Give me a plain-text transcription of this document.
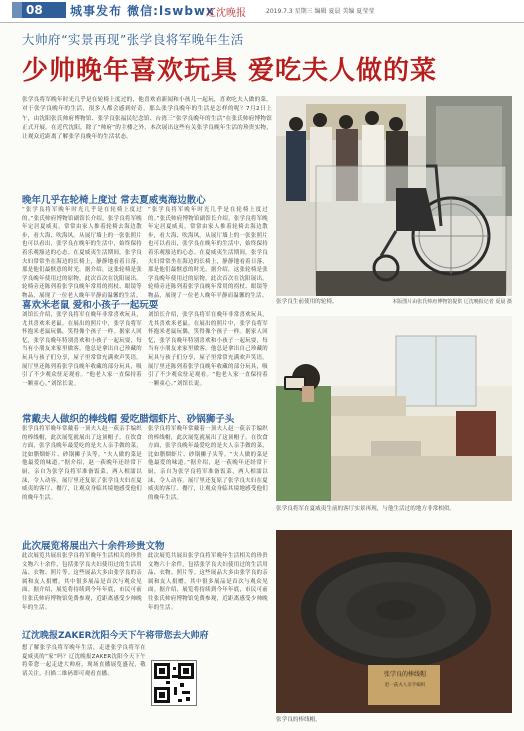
08	城事发布 微信:lswbwx
辽沈晚报	2019.7.3 星期三 编辑 夏晨 美编 夏莹莹
大帅府“实景再现”张学良将军晚年生活
少帅晚年喜欢玩具 爱吃夫人做的菜
张学良将军晚年时光几乎是在轮椅上度过的，他喜欢看新闻和小孩儿一起玩，喜欢吃夫人做的菜。对于张学良晚年的生活，很多人都会感到好奇，那么张学良晚年的生活是怎样的呢？7月2日上午，由沈阳张氏帅府博物馆、张学良张福民纪念馆、台湾三“张学良晚年的生活”在张氏帅府博物馆正式开展。在近代沈阳，除了“帅府”的主楼之外，本次展出这些有关张学良晚年生活的珍贵实物，让观众近距离了解张学良晚年的生活状态。
晚年几乎在轮椅上度过 常去夏威夷海边散心
“张学良将军晚年时光几乎是在轮椅上度过的。”张氏帅府博物馆副馆长介绍，张学良将军晚年定居夏威夷，常常由家人推着轮椅去海边散步，看大海、吹海风。从展厅墙上的一张张照片也可以看出，张学良在晚年的生活中，始终保持着乐观豁达的心态。在夏威夷生活期间，张学良夫妇常常坐在海边的长椅上，静静地看着日落，那是他们最惬意的时光。据介绍，这张轮椅是张学良晚年使用过的原物，此次首次在沈阳展出。轮椅旁还陈列着张学良晚年常用的拐杖、眼镜等物品，展现了一位老人晚年平静而温馨的生活。
“张学良将军晚年时光几乎是在轮椅上度过的。”张氏帅府博物馆副馆长介绍，张学良将军晚年定居夏威夷，常常由家人推着轮椅去海边散步，看大海、吹海风。从展厅墙上的一张张照片也可以看出，张学良在晚年的生活中，始终保持着乐观豁达的心态。在夏威夷生活期间，张学良夫妇常常坐在海边的长椅上，静静地看着日落，那是他们最惬意的时光。据介绍，这张轮椅是张学良晚年使用过的原物，此次首次在沈阳展出。轮椅旁还陈列着张学良晚年常用的拐杖、眼镜等物品，展现了一位老人晚年平静而温馨的生活。
喜欢米老鼠 爱和小孩子一起玩耍
刘馆长介绍，张学良将军在晚年非常喜欢玩具，尤其喜欢米老鼠。在展出的照片中，张学良将军怀抱米老鼠玩偶，笑得像个孩子一样。据家人回忆，张学良晚年特别喜欢和小孩子一起玩耍，每当有小朋友来家里做客，他总是拿出自己珍藏的玩具与孩子们分享，屋子里常常充满欢声笑语。展厅里还陈列着张学良晚年收藏的部分玩具，吸引了不少观众驻足观看。“他老人家一直保持着一颗童心。”刘馆长说。
刘馆长介绍，张学良将军在晚年非常喜欢玩具，尤其喜欢米老鼠。在展出的照片中，张学良将军怀抱米老鼠玩偶，笑得像个孩子一样。据家人回忆，张学良晚年特别喜欢和小孩子一起玩耍，每当有小朋友来家里做客，他总是拿出自己珍藏的玩具与孩子们分享，屋子里常常充满欢声笑语。展厅里还陈列着张学良晚年收藏的部分玩具，吸引了不少观众驻足观看。“他老人家一直保持着一颗童心。”刘馆长说。
常戴夫人做织的棒线帽 爱吃腊烟虾片、砂锅狮子头
张学良将军晚年常戴着一顶夫人赵一荻亲手编织的棒线帽，此次展览就展出了这顶帽子。在饮食方面，张学良晚年最爱吃的是夫人亲手做的菜，比如腊烟虾片、砂锅狮子头等。“夫人做的菜是他最爱的味道。”据介绍，赵一荻晚年还经常下厨，亲自为张学良将军准备饭菜，两人相濡以沫，令人动容。展厅里还复原了张学良夫妇在夏威夷的客厅、餐厅，让观众身临其境地感受他们的晚年生活。
张学良将军晚年常戴着一顶夫人赵一荻亲手编织的棒线帽，此次展览就展出了这顶帽子。在饮食方面，张学良晚年最爱吃的是夫人亲手做的菜，比如腊烟虾片、砂锅狮子头等。“夫人做的菜是他最爱的味道。”据介绍，赵一荻晚年还经常下厨，亲自为张学良将军准备饭菜，两人相濡以沫，令人动容。展厅里还复原了张学良夫妇在夏威夷的客厅、餐厅，让观众身临其境地感受他们的晚年生活。
此次展览将展出六十余件珍贵文物
此次展览共展出张学良将军晚年生活相关的珍贵文物六十余件，包括张学良夫妇使用过的生活用品、衣物、照片等。这些展品大多由张学良的亲属和友人捐赠，其中很多展品是首次与观众见面。据介绍，展览将持续到今年年底，市民可前往张氏帅府博物馆免费参观，近距离感受少帅晚年的生活。
此次展览共展出张学良将军晚年生活相关的珍贵文物六十余件，包括张学良夫妇使用过的生活用品、衣物、照片等。这些展品大多由张学良的亲属和友人捐赠，其中很多展品是首次与观众见面。据介绍，展览将持续到今年年底，市民可前往张氏帅府博物馆免费参观，近距离感受少帅晚年的生活。
辽沈晚报ZAKER沈阳今天下午将带您去大帅府
想了解张学良将军晚年生活，走进张学良将军在夏威夷的“家”吗？辽沈晚报ZAKER沈阳今天下午将带您一起走进大帅府，现场直播展览盛况，敬请关注。扫描二维码即可观看直播。
张学良生前使用的轮椅。	本版图片由张氏帅府博物馆提供 辽沈晚报记者 夏晨 摄
张学良将军在夏威夷生前的客厅实景再现，与他生活过的地方非常相似。
张学良的棒线帽
赵一荻夫人亲手编织
张学良的棒线帽。
